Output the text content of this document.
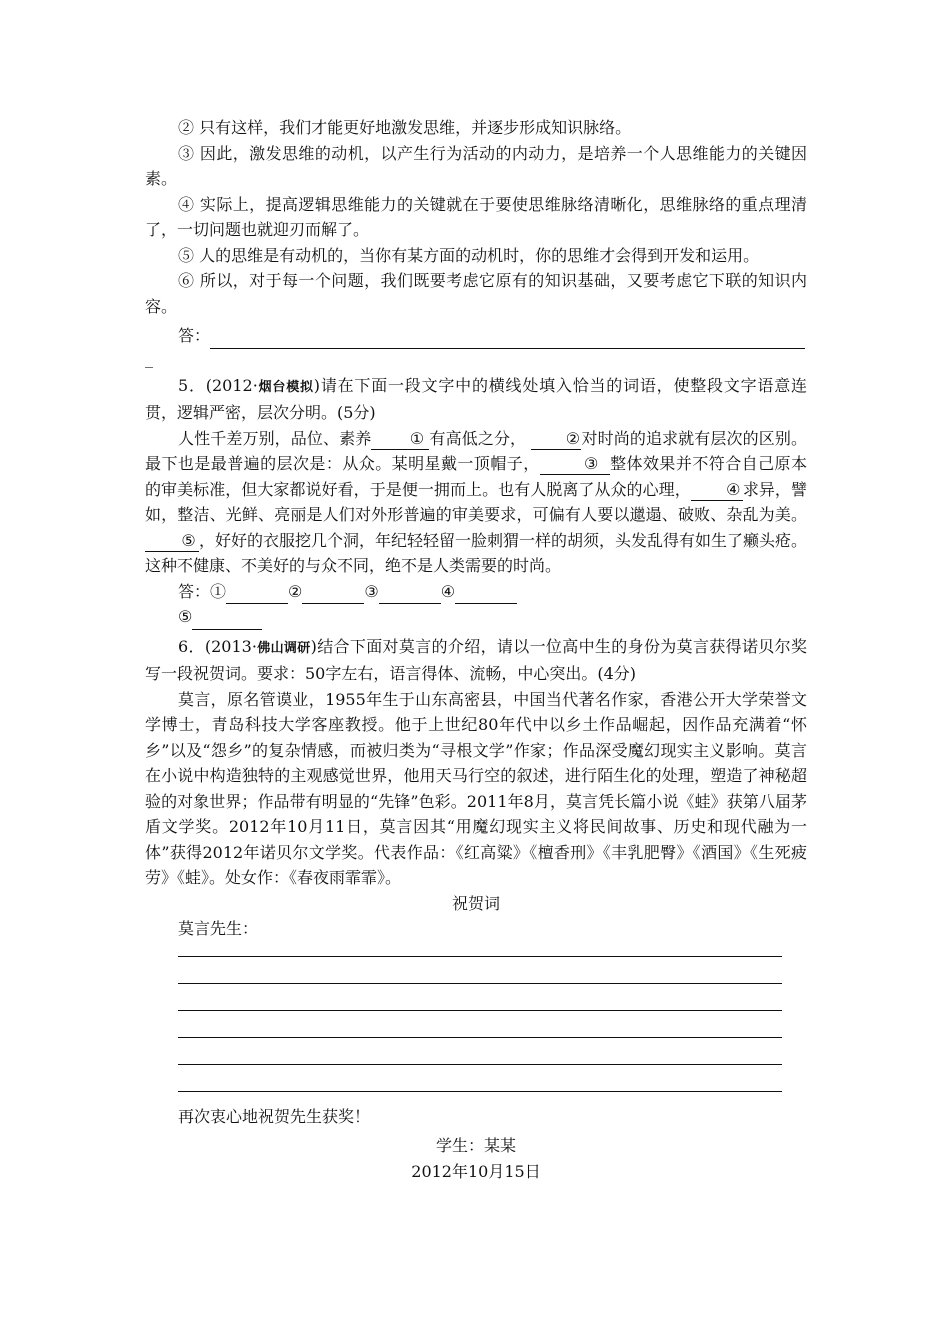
② 只有这样，我们才能更好地激发思维，并逐步形成知识脉络。

③ 因此，激发思维的动机，以产生行为活动的内动力，是培养一个人思维能力的关键因素。

④ 实际上，提高逻辑思维能力的关键就在于要使思维脉络清晰化，思维脉络的重点理清了，一切问题也就迎刃而解了。

⑤ 人的思维是有动机的，当你有某方面的动机时，你的思维才会得到开发和运用。

⑥ 所以，对于每一个问题，我们既要考虑它原有的知识基础，又要考虑它下联的知识内容。

答：

_

5．(2012·烟台模拟)请在下面一段文字中的横线处填入恰当的词语，使整段文字语意连贯，逻辑严密，层次分明。(5分)

人性千差万别，品位、素养 ① 有高低之分， ②对时尚的追求就有层次的区别。最下也是最普遍的层次是：从众。某明星戴一顶帽子，	③ 整体效果并不符合自己原本的审美标准，但大家都说好看，于是便一拥而上。也有人脱离了从众的心理， ④ 求异，譬如，整洁、光鲜、亮丽是人们对外形普遍的审美要求，可偏有人要以邋遢、破败、杂乱为美。⑤ ，好好的衣服挖几个洞，年纪轻轻留一脸刺猬一样的胡须，头发乱得有如生了癞头疮。这种不健康、不美好的与众不同，绝不是人类需要的时尚。

答：①	②	③	④

⑤

6．(2013·佛山调研)结合下面对莫言的介绍，请以一位高中生的身份为莫言获得诺贝尔奖写一段祝贺词。要求：50字左右，语言得体、流畅，中心突出。(4分)

莫言，原名管谟业，1955年生于山东高密县，中国当代著名作家，香港公开大学荣誉文学博士，青岛科技大学客座教授。他于上世纪80年代中以乡土作品崛起，因作品充满着“怀乡”以及“怨乡”的复杂情感，而被归类为“寻根文学”作家；作品深受魔幻现实主义影响。莫言在小说中构造独特的主观感觉世界，他用天马行空的叙述，进行陌生化的处理，塑造了神秘超验的对象世界；作品带有明显的“先锋”色彩。2011年8月，莫言凭长篇小说《蛙》获第八届茅盾文学奖。2012年10月11日，莫言因其“用魔幻现实主义将民间故事、历史和现代融为一体”获得2012年诺贝尔文学奖。代表作品：《红高粱》《檀香刑》《丰乳肥臀》《酒国》《生死疲劳》《蛙》。处女作：《春夜雨霏霏》。

祝贺词

莫言先生：

再次衷心地祝贺先生获奖！

学生：某某

2012年10月15日
